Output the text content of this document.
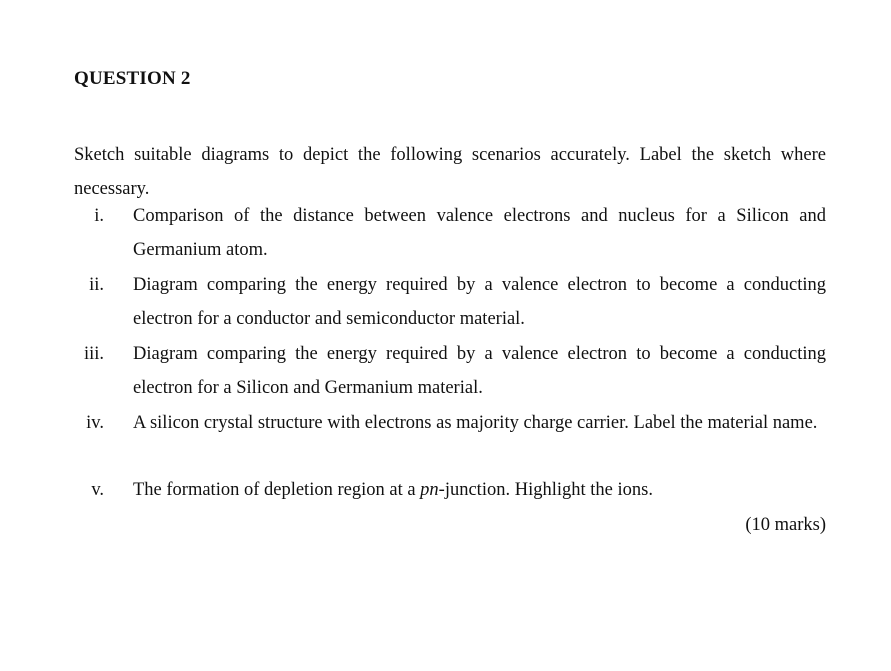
QUESTION 2
Sketch suitable diagrams to depict the following scenarios accurately. Label the sketch where necessary.
i. Comparison of the distance between valence electrons and nucleus for a Silicon and Germanium atom.
ii. Diagram comparing the energy required by a valence electron to become a conducting electron for a conductor and semiconductor material.
iii. Diagram comparing the energy required by a valence electron to become a conducting electron for a Silicon and Germanium material.
iv. A silicon crystal structure with electrons as majority charge carrier. Label the material name.
v. The formation of depletion region at a pn-junction. Highlight the ions.
(10 marks)
